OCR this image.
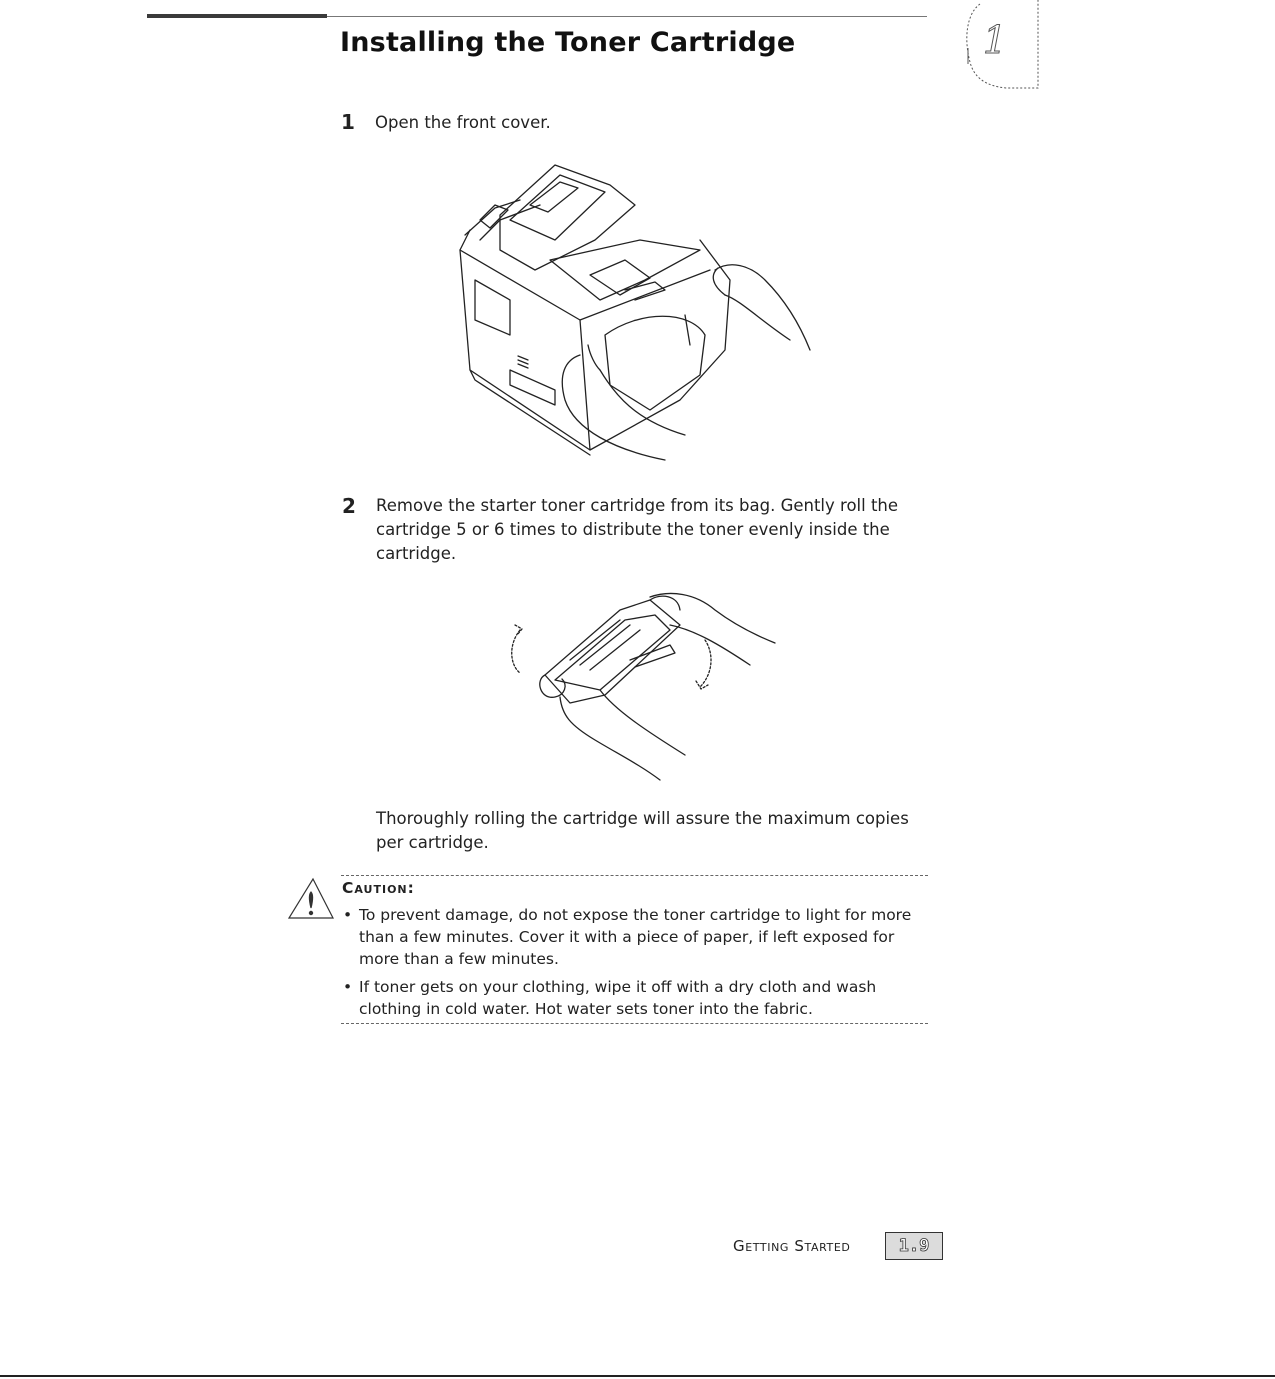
Installing the Toner Cartridge	1
1 Open the front cover.
2 Remove the starter toner cartridge from its bag. Gently roll the cartridge 5 or 6 times to distribute the toner evenly inside the cartridge.
Thoroughly rolling the cartridge will assure the maximum copies per cartridge.
Caution:
• To prevent damage, do not expose the toner cartridge to light for more than a few minutes. Cover it with a piece of paper, if left exposed for more than a few minutes.
• If toner gets on your clothing, wipe it off with a dry cloth and wash clothing in cold water. Hot water sets toner into the fabric.
Getting Started	1.9
